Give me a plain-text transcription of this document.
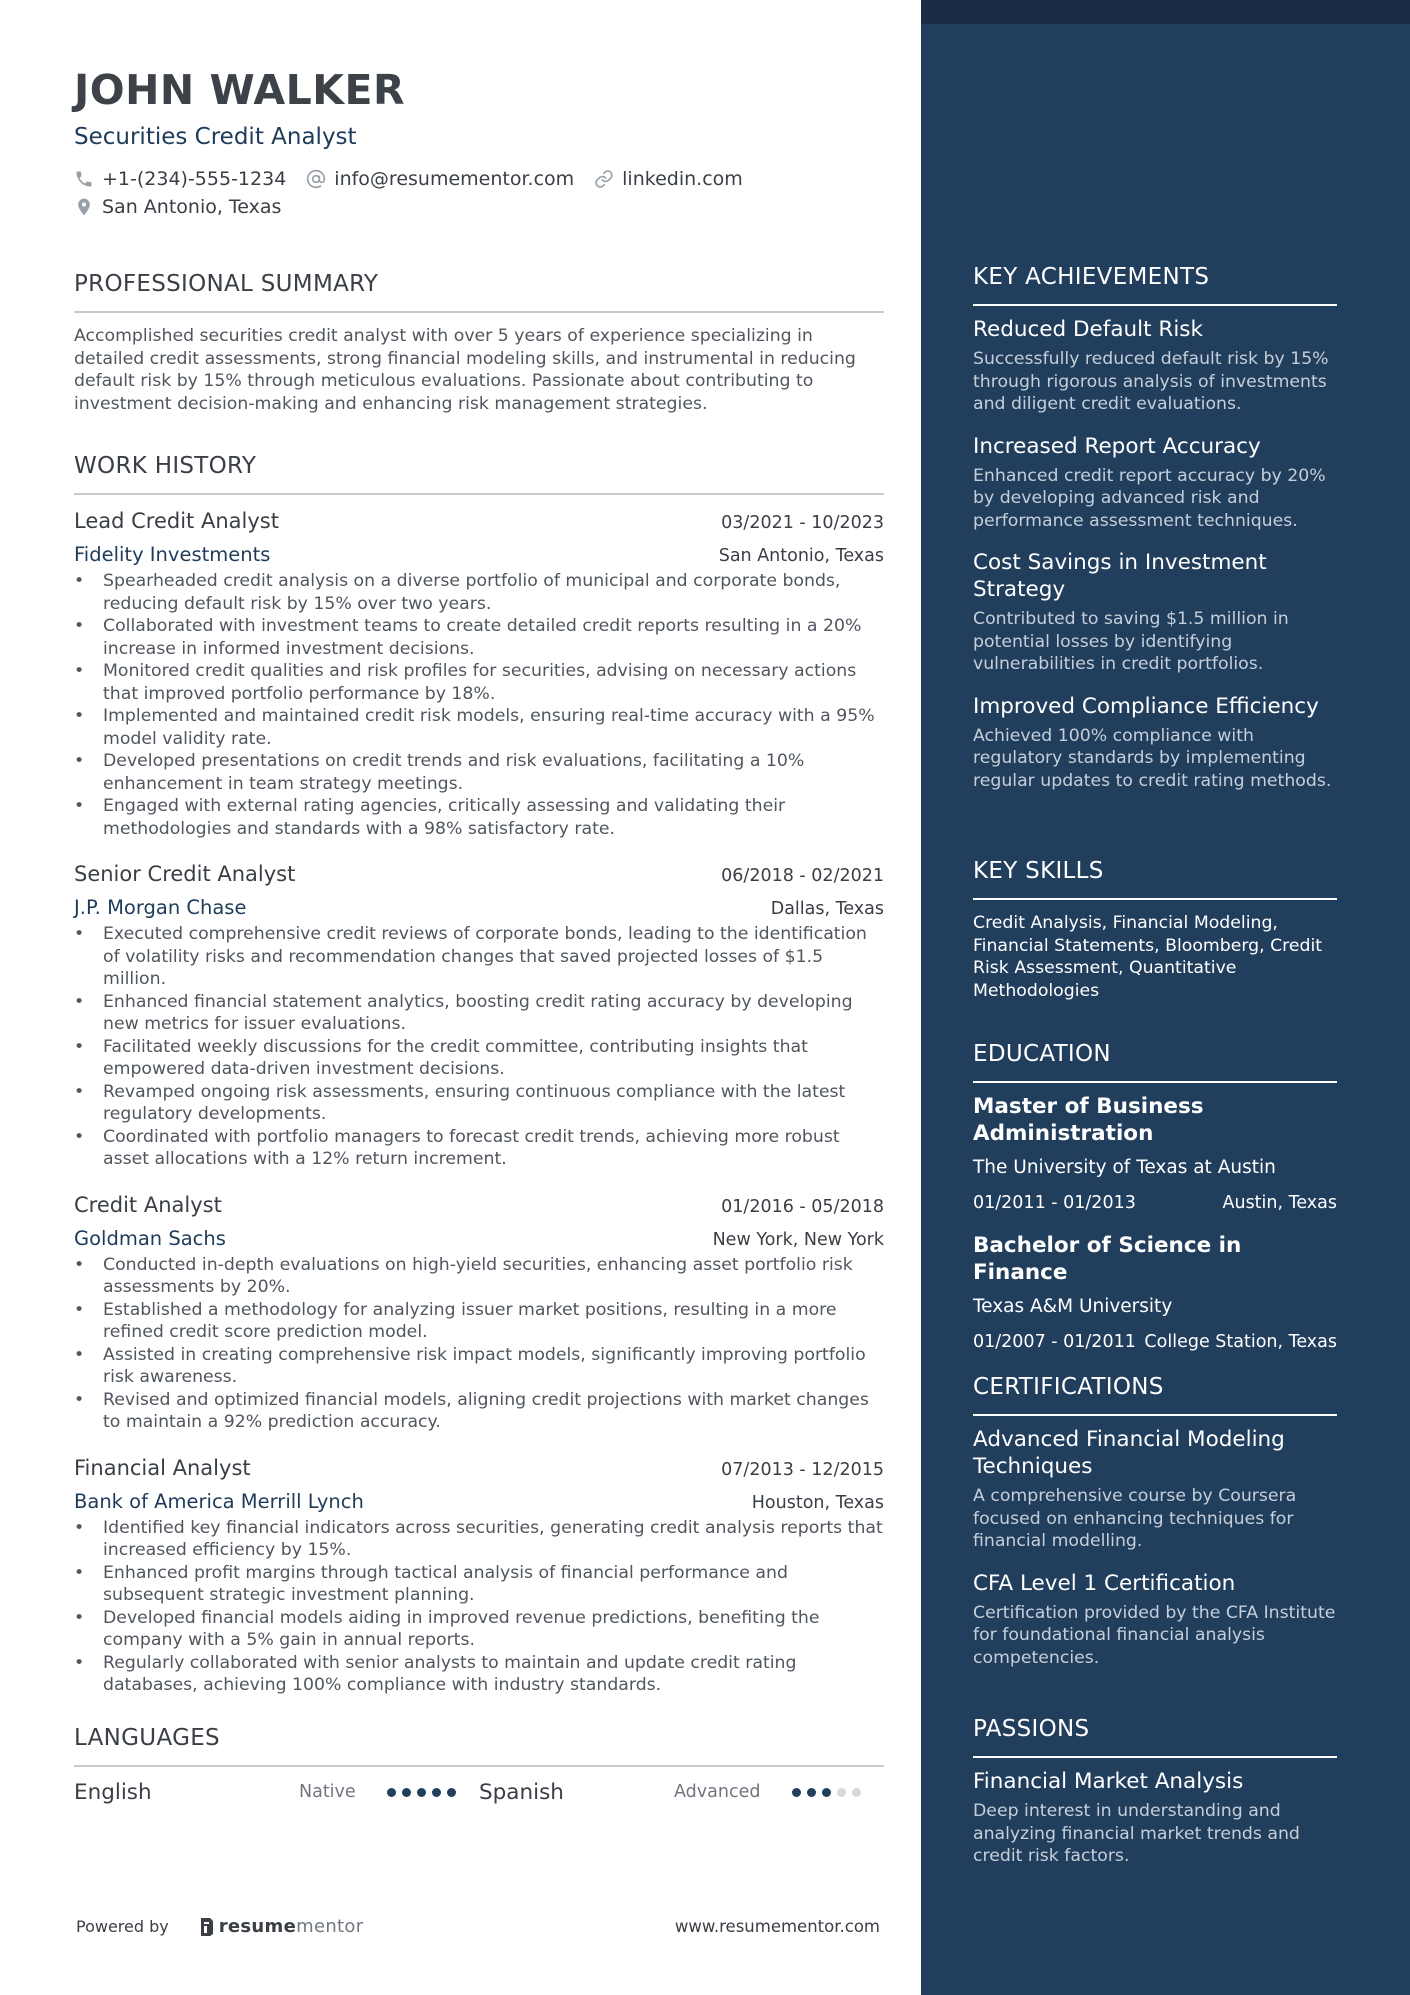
JOHN WALKER
Securities Credit Analyst
+1-(234)-555-1234	info@resumementor.com	linkedin.com
San Antonio, Texas
PROFESSIONAL SUMMARY

Accomplished securities credit analyst with over 5 years of experience specializing in detailed credit assessments, strong financial modeling skills, and instrumental in reducing default risk by 15% through meticulous evaluations. Passionate about contributing to investment decision-making and enhancing risk management strategies.

WORK HISTORY
Lead Credit Analyst	03/2021 - 10/2023
Fidelity Investments	San Antonio, Texas
• Spearheaded credit analysis on a diverse portfolio of municipal and corporate bonds, reducing default risk by 15% over two years.
• Collaborated with investment teams to create detailed credit reports resulting in a 20% increase in informed investment decisions.
• Monitored credit qualities and risk profiles for securities, advising on necessary actions that improved portfolio performance by 18%.
• Implemented and maintained credit risk models, ensuring real-time accuracy with a 95% model validity rate.
• Developed presentations on credit trends and risk evaluations, facilitating a 10% enhancement in team strategy meetings.
• Engaged with external rating agencies, critically assessing and validating their methodologies and standards with a 98% satisfactory rate.
Senior Credit Analyst	06/2018 - 02/2021
J.P. Morgan Chase	Dallas, Texas
• Executed comprehensive credit reviews of corporate bonds, leading to the identification of volatility risks and recommendation changes that saved projected losses of $1.5 million.
• Enhanced financial statement analytics, boosting credit rating accuracy by developing new metrics for issuer evaluations.
• Facilitated weekly discussions for the credit committee, contributing insights that empowered data-driven investment decisions.
• Revamped ongoing risk assessments, ensuring continuous compliance with the latest regulatory developments.
• Coordinated with portfolio managers to forecast credit trends, achieving more robust asset allocations with a 12% return increment.
Credit Analyst	01/2016 - 05/2018
Goldman Sachs	New York, New York
• Conducted in-depth evaluations on high-yield securities, enhancing asset portfolio risk assessments by 20%.
• Established a methodology for analyzing issuer market positions, resulting in a more refined credit score prediction model.
• Assisted in creating comprehensive risk impact models, significantly improving portfolio risk awareness.
• Revised and optimized financial models, aligning credit projections with market changes to maintain a 92% prediction accuracy.
Financial Analyst	07/2013 - 12/2015
Bank of America Merrill Lynch	Houston, Texas
• Identified key financial indicators across securities, generating credit analysis reports that increased efficiency by 15%.
• Enhanced profit margins through tactical analysis of financial performance and subsequent strategic investment planning.
• Developed financial models aiding in improved revenue predictions, benefiting the company with a 5% gain in annual reports.
• Regularly collaborated with senior analysts to maintain and update credit rating databases, achieving 100% compliance with industry standards.
LANGUAGES
English	Native	Spanish	Advanced
Powered by	resume mentor	www.resumementor.com
KEY ACHIEVEMENTS
Reduced Default Risk
Successfully reduced default risk by 15% through rigorous analysis of investments and diligent credit evaluations.
Increased Report Accuracy
Enhanced credit report accuracy by 20% by developing advanced risk and performance assessment techniques.
Cost Savings in Investment Strategy
Contributed to saving $1.5 million in potential losses by identifying vulnerabilities in credit portfolios.
Improved Compliance Efficiency
Achieved 100% compliance with regulatory standards by implementing regular updates to credit rating methods.
KEY SKILLS
Credit Analysis, Financial Modeling, Financial Statements, Bloomberg, Credit Risk Assessment, Quantitative Methodologies
EDUCATION
Master of Business Administration
The University of Texas at Austin
01/2011 - 01/2013	Austin, Texas
Bachelor of Science in Finance
Texas A&M University
01/2007 - 01/2011 College Station, Texas
CERTIFICATIONS
Advanced Financial Modeling Techniques
A comprehensive course by Coursera focused on enhancing techniques for financial modelling.
CFA Level 1 Certification
Certification provided by the CFA Institute for foundational financial analysis competencies.
PASSIONS
Financial Market Analysis
Deep interest in understanding and analyzing financial market trends and credit risk factors.
